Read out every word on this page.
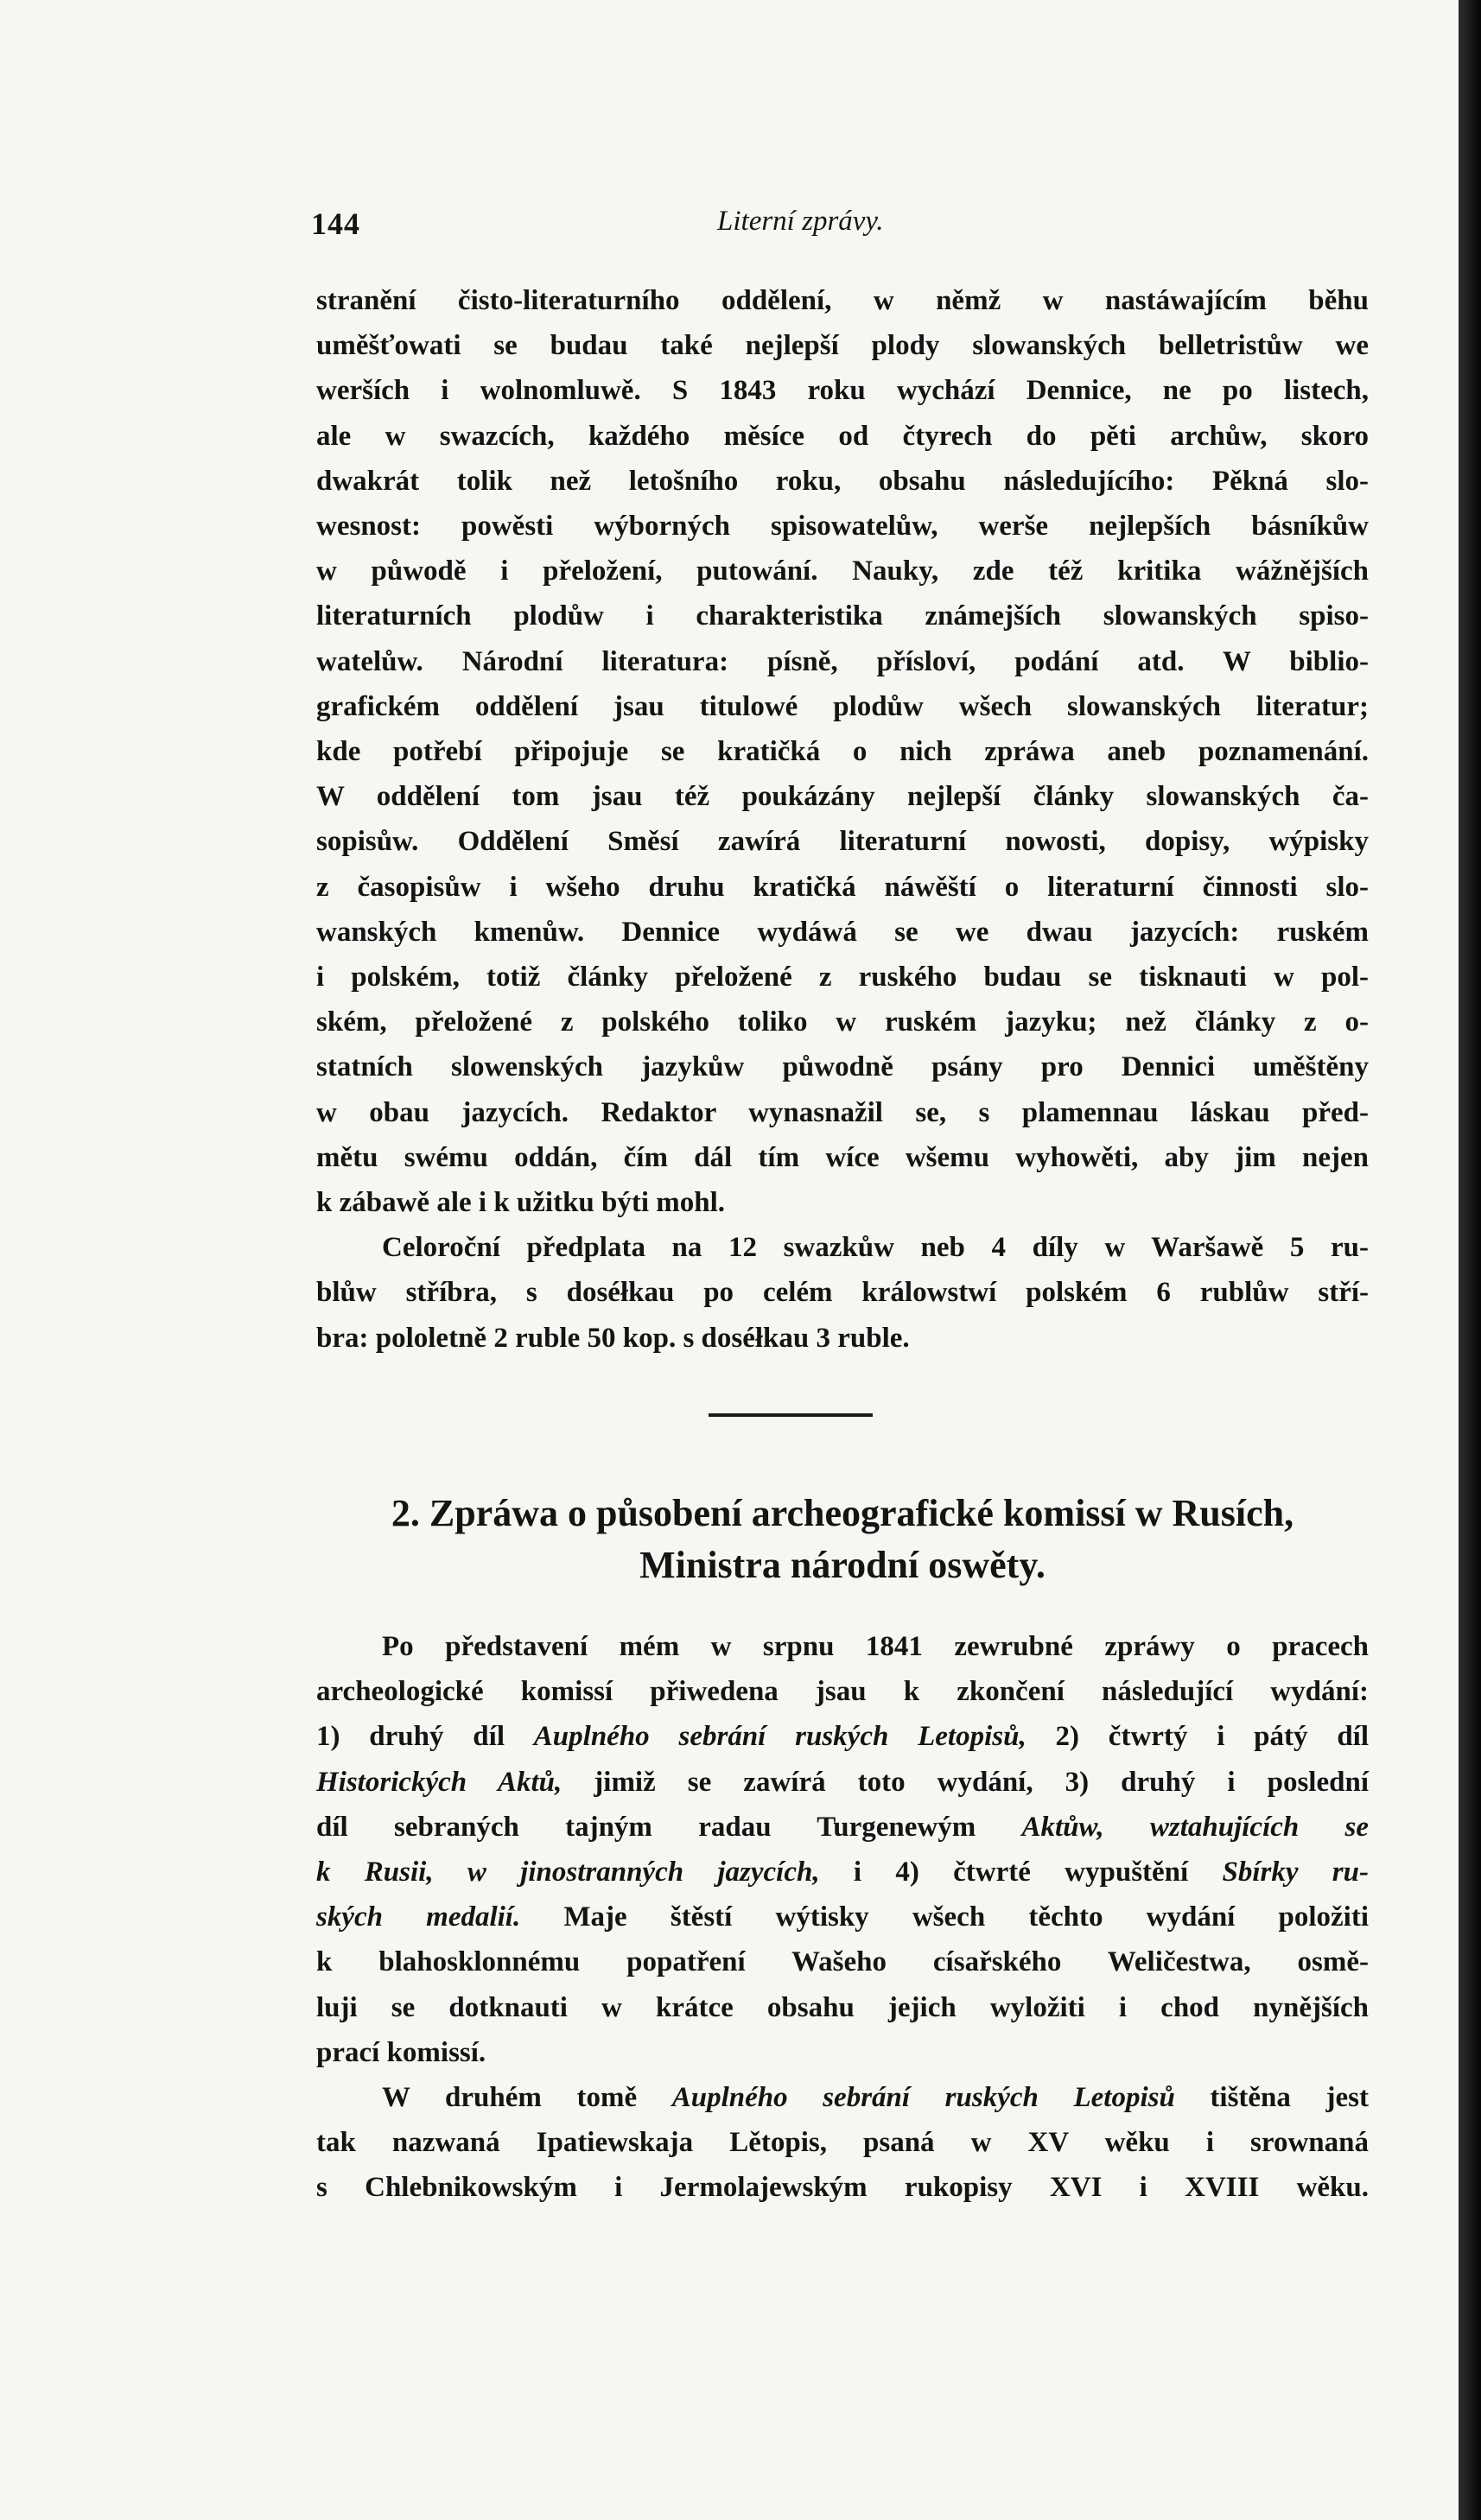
144	Literní zprávy.

stranění čisto-literaturního oddělení, w němž w nastáwajícím běhu
uměšťowati se budau také nejlepší plody slowanských belletristůw we
werších i wolnomluwě. S 1843 roku wychází Dennice, ne po listech,
ale w swazcích, každého měsíce od čtyrech do pěti archůw, skoro
dwakrát tolik než letošního roku, obsahu následujícího: Pěkná slo-
wesnost: powěsti wýborných spisowatelůw, werše nejlepších básníkůw
w půwodě i přeložení, putowání. Nauky, zde též kritika wážnějších
literaturních plodůw i charakteristika známejších slowanských spiso-
watelůw. Národní literatura: písně, přísloví, podání atd. W biblio-
grafickém oddělení jsau titulowé plodůw wšech slowanských literatur;
kde potřebí připojuje se kratičká o nich zpráwa aneb poznamenání.
W oddělení tom jsau též poukázány nejlepší články slowanských ča-
sopisůw. Oddělení Směsí zawírá literaturní nowosti, dopisy, wýpisky
z časopisůw i wšeho druhu kratičká náwěští o literaturní činnosti slo-
wanských kmenůw. Dennice wydáwá se we dwau jazycích: ruském
i polském, totiž články přeložené z ruského budau se tisknauti w pol-
ském, přeložené z polského toliko w ruském jazyku; než články z o-
statních slowenských jazykůw půwodně psány pro Dennici uměštěny
w obau jazycích. Redaktor wynasnažil se, s plamennau láskau před-
mětu swému oddán, čím dál tím wíce wšemu wyhowěti, aby jim nejen
k zábawě ale i k užitku býti mohl.

Celoroční předplata na 12 swazkůw neb 4 díly w Waršawě 5 ru-
blůw stříbra, s doséłkau po celém králowstwí polském 6 rublůw stří-
bra: pololetně 2 ruble 50 kop. s doséłkau 3 ruble.

2. Zpráwa o působení archeografické komissí w Rusích,
Ministra národní oswěty.

Po představení mém w srpnu 1841 zewrubné zpráwy o pracech
archeologické komissí přiwedena jsau k zkončení následující wydání:
1) druhý díl Auplného sebrání ruských Letopisů, 2) čtwrtý i pátý díl
Historických Aktů, jimiž se zawírá toto wydání, 3) druhý i poslední
díl sebraných tajným radau Turgenewým Aktůw, wztahujících se
k Rusii, w jinostranných jazycích, i 4) čtwrté wypuštění Sbírky ru-
ských medalií. Maje štěstí wýtisky wšech těchto wydání položiti
k blahosklonnému popatření Wašeho císařského Weličestwa, osmě-
luji se dotknauti w krátce obsahu jejich wyložiti i chod nynějších
prací komissí.

W druhém tomě Auplného sebrání ruských Letopisů tištěna jest
tak nazwaná Ipatiewskaja Lětopis, psaná w XV wěku i srownaná
s Chlebnikowským i Jermolajewským rukopisy XVI i XVIII wěku.
